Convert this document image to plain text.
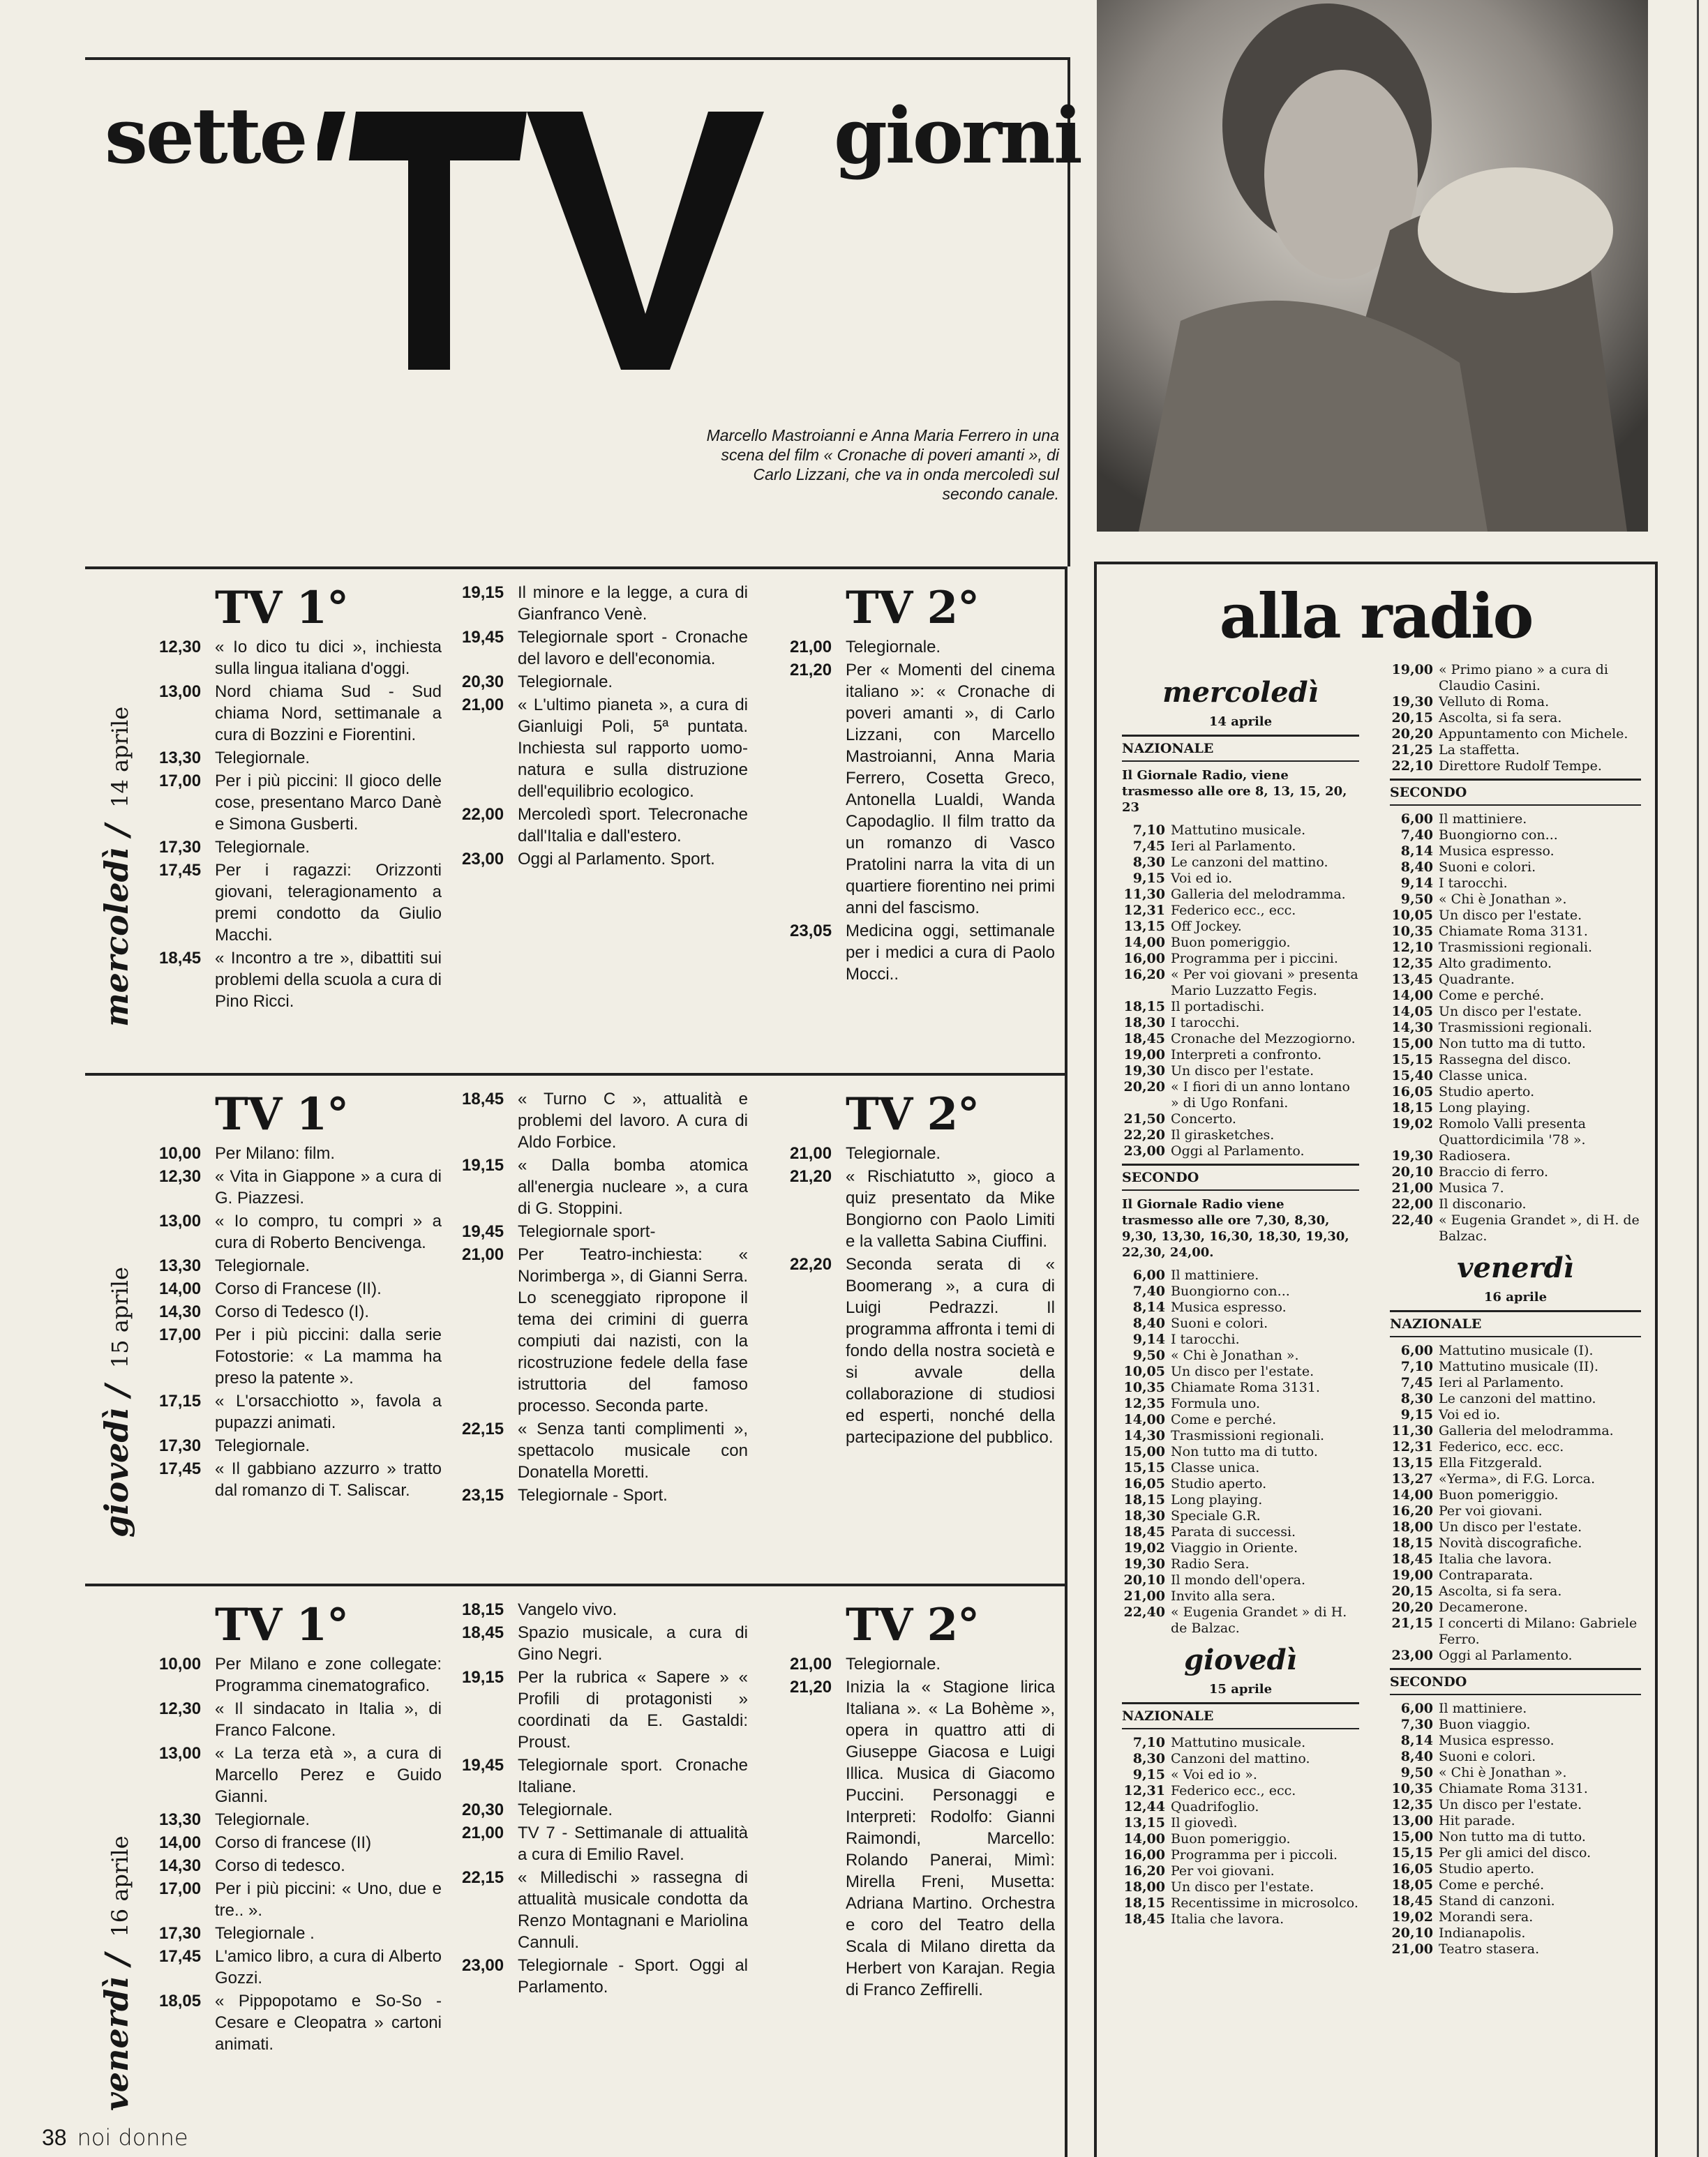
sette	giorni
Marcello Mastroianni e Anna Maria Ferrero in una scena del film « Cronache di poveri amanti », di Carlo Lizzani, che va in onda mercoledì sul secondo canale.
mercoledì / 14 aprile
TV 1°
12,30 « Io dico tu dici », inchiesta sulla lingua italiana d'oggi.
13,00 Nord chiama Sud - Sud chiama Nord, settimanale a cura di Bozzini e Fiorentini.
13,30 Telegiornale.
17,00 Per i più piccini: Il gioco delle cose, presentano Marco Danè e Simona Gusberti.
17,30 Telegiornale.
17,45 Per i ragazzi: Orizzonti giovani, teleragionamento a premi condotto da Giulio Macchi.
18,45 « Incontro a tre », dibattiti sui problemi della scuola a cura di Pino Ricci.
19,15 Il minore e la legge, a cura di Gianfranco Venè.
19,45 Telegiornale sport - Cronache del lavoro e dell'economia.
20,30 Telegiornale.
21,00 « L'ultimo pianeta », a cura di Gianluigi Poli, 5ª puntata. Inchiesta sul rapporto uomo-natura e sulla distruzione dell'equilibrio ecologico.
22,00 Mercoledì sport. Telecronache dall'Italia e dall'estero.
23,00 Oggi al Parlamento. Sport.
TV 2°
21,00 Telegiornale.
21,20 Per « Momenti del cinema italiano »: « Cronache di poveri amanti », di Carlo Lizzani, con Marcello Mastroianni, Anna Maria Ferrero, Cosetta Greco, Antonella Lualdi, Wanda Capodaglio. Il film tratto da un romanzo di Vasco Pratolini narra la vita di un quartiere fiorentino nei primi anni del fascismo.
23,05 Medicina oggi, settimanale per i medici a cura di Paolo Mocci..
giovedì / 15 aprile
TV 1°
10,00 Per Milano: film.
12,30 « Vita in Giappone » a cura di G. Piazzesi.
13,00 « Io compro, tu compri » a cura di Roberto Bencivenga.
13,30 Telegiornale.
14,00 Corso di Francese (II).
14,30 Corso di Tedesco (I).
17,00 Per i più piccini: dalla serie Fotostorie: « La mamma ha preso la patente ».
17,15 « L'orsacchiotto », favola a pupazzi animati.
17,30 Telegiornale.
17,45 « Il gabbiano azzurro » tratto dal romanzo di T. Saliscar.
18,45 « Turno C », attualità e problemi del lavoro. A cura di Aldo Forbice.
19,15 « Dalla bomba atomica all'energia nucleare », a cura di G. Stoppini.
19,45 Telegiornale sport-
21,00 Per Teatro-inchiesta: « Norimberga », di Gianni Serra. Lo sceneggiato ripropone il tema dei crimini di guerra compiuti dai nazisti, con la ricostruzione fedele della fase istruttoria del famoso processo. Seconda parte.
22,15 « Senza tanti complimenti », spettacolo musicale con Donatella Moretti.
23,15 Telegiornale - Sport.
TV 2°
21,00 Telegiornale.
21,20 « Rischiatutto », gioco a quiz presentato da Mike Bongiorno con Paolo Limiti e la valletta Sabina Ciuffini.
22,20 Seconda serata di « Boomerang », a cura di Luigi Pedrazzi. Il programma affronta i temi di fondo della nostra società e si avvale della collaborazione di studiosi ed esperti, nonché della partecipazione del pubblico.
venerdì / 16 aprile
TV 1°
10,00 Per Milano e zone collegate: Programma cinematografico.
12,30 « Il sindacato in Italia », di Franco Falcone.
13,00 « La terza età », a cura di Marcello Perez e Guido Gianni.
13,30 Telegiornale.
14,00 Corso di francese (II)
14,30 Corso di tedesco.
17,00 Per i più piccini: « Uno, due e tre.. ».
17,30 Telegiornale .
17,45 L'amico libro, a cura di Alberto Gozzi.
18,05 « Pippopotamo e So-So - Cesare e Cleopatra » cartoni animati.
18,15 Vangelo vivo.
18,45 Spazio musicale, a cura di Gino Negri.
19,15 Per la rubrica « Sapere » « Profili di protagonisti » coordinati da E. Gastaldi: Proust.
19,45 Telegiornale sport. Cronache Italiane.
20,30 Telegiornale.
21,00 TV 7 - Settimanale di attualità a cura di Emilio Ravel.
22,15 « Milledischi » rassegna di attualità musicale condotta da Renzo Montagnani e Mariolina Cannuli.
23,00 Telegiornale - Sport. Oggi al Parlamento.
TV 2°
21,00 Telegiornale.
21,20 Inizia la « Stagione lirica Italiana ». « La Bohème », opera in quattro atti di Giuseppe Giacosa e Luigi Illica. Musica di Giacomo Puccini. Personaggi e Interpreti: Rodolfo: Gianni Raimondi, Marcello: Rolando Panerai, Mimì: Mirella Freni, Musetta: Adriana Martino. Orchestra e coro del Teatro della Scala di Milano diretta da Herbert von Karajan. Regia di Franco Zeffirelli.
alla radio
mercoledì
14 aprile
NAZIONALE
Il Giornale Radio, viene trasmesso alle ore 8, 13, 15, 20, 23
7,10 Mattutino musicale.
7,45 Ieri al Parlamento.
8,30 Le canzoni del mattino.
9,15 Voi ed io.
11,30 Galleria del melodramma.
12,31 Federico ecc., ecc.
13,15 Off Jockey.
14,00 Buon pomeriggio.
16,00 Programma per i piccini.
16,20 « Per voi giovani » presenta Mario Luzzatto Fegis.
18,15 Il portadischi.
18,30 I tarocchi.
18,45 Cronache del Mezzogiorno.
19,00 Interpreti a confronto.
19,30 Un disco per l'estate.
20,20 « I fiori di un anno lontano » di Ugo Ronfani.
21,50 Concerto.
22,20 Il girasketches.
23,00 Oggi al Parlamento.
SECONDO
Il Giornale Radio viene trasmesso alle ore 7,30, 8,30, 9,30, 13,30, 16,30, 18,30, 19,30, 22,30, 24,00.
6,00 Il mattiniere.
7,40 Buongiorno con...
8,14 Musica espresso.
8,40 Suoni e colori.
9,14 I tarocchi.
9,50 « Chi è Jonathan ».
10,05 Un disco per l'estate.
10,35 Chiamate Roma 3131.
12,35 Formula uno.
14,00 Come e perché.
14,30 Trasmissioni regionali.
15,00 Non tutto ma di tutto.
15,15 Classe unica.
16,05 Studio aperto.
18,15 Long playing.
18,30 Speciale G.R.
18,45 Parata di successi.
19,02 Viaggio in Oriente.
19,30 Radio Sera.
20,10 Il mondo dell'opera.
21,00 Invito alla sera.
22,40 « Eugenia Grandet » di H. de Balzac.
giovedì
15 aprile
NAZIONALE
7,10 Mattutino musicale.
8,30 Canzoni del mattino.
9,15 « Voi ed io ».
12,31 Federico ecc., ecc.
12,44 Quadrifoglio.
13,15 Il giovedì.
14,00 Buon pomeriggio.
16,00 Programma per i piccoli.
16,20 Per voi giovani.
18,00 Un disco per l'estate.
18,15 Recentissime in microsolco.
18,45 Italia che lavora.
19,00 « Primo piano » a cura di Claudio Casini.
19,30 Velluto di Roma.
20,15 Ascolta, si fa sera.
20,20 Appuntamento con Michele.
21,25 La staffetta.
22,10 Direttore Rudolf Tempe.
SECONDO
6,00 Il mattiniere.
7,40 Buongiorno con...
8,14 Musica espresso.
8,40 Suoni e colori.
9,14 I tarocchi.
9,50 « Chi è Jonathan ».
10,05 Un disco per l'estate.
10,35 Chiamate Roma 3131.
12,10 Trasmissioni regionali.
12,35 Alto gradimento.
13,45 Quadrante.
14,00 Come e perché.
14,05 Un disco per l'estate.
14,30 Trasmissioni regionali.
15,00 Non tutto ma di tutto.
15,15 Rassegna del disco.
15,40 Classe unica.
16,05 Studio aperto.
18,15 Long playing.
19,02 Romolo Valli presenta Quattordicimila '78 ».
19,30 Radiosera.
20,10 Braccio di ferro.
21,00 Musica 7.
22,00 Il disconario.
22,40 « Eugenia Grandet », di H. de Balzac.
venerdì
16 aprile
NAZIONALE
6,00 Mattutino musicale (I).
7,10 Mattutino musicale (II).
7,45 Ieri al Parlamento.
8,30 Le canzoni del mattino.
9,15 Voi ed io.
11,30 Galleria del melodramma.
12,31 Federico, ecc. ecc.
13,15 Ella Fitzgerald.
13,27 «Yerma», di F.G. Lorca.
14,00 Buon pomeriggio.
16,20 Per voi giovani.
18,00 Un disco per l'estate.
18,15 Novità discografiche.
18,45 Italia che lavora.
19,00 Contraparata.
20,15 Ascolta, si fa sera.
20,20 Decamerone.
21,15 I concerti di Milano: Gabriele Ferro.
23,00 Oggi al Parlamento.
SECONDO
6,00 Il mattiniere.
7,30 Buon viaggio.
8,14 Musica espresso.
8,40 Suoni e colori.
9,50 « Chi è Jonathan ».
10,35 Chiamate Roma 3131.
12,35 Un disco per l'estate.
13,00 Hit parade.
15,00 Non tutto ma di tutto.
15,15 Per gli amici del disco.
16,05 Studio aperto.
18,05 Come e perché.
18,45 Stand di canzoni.
19,02 Morandi sera.
20,10 Indianapolis.
21,00 Teatro stasera.
38 noi donne
